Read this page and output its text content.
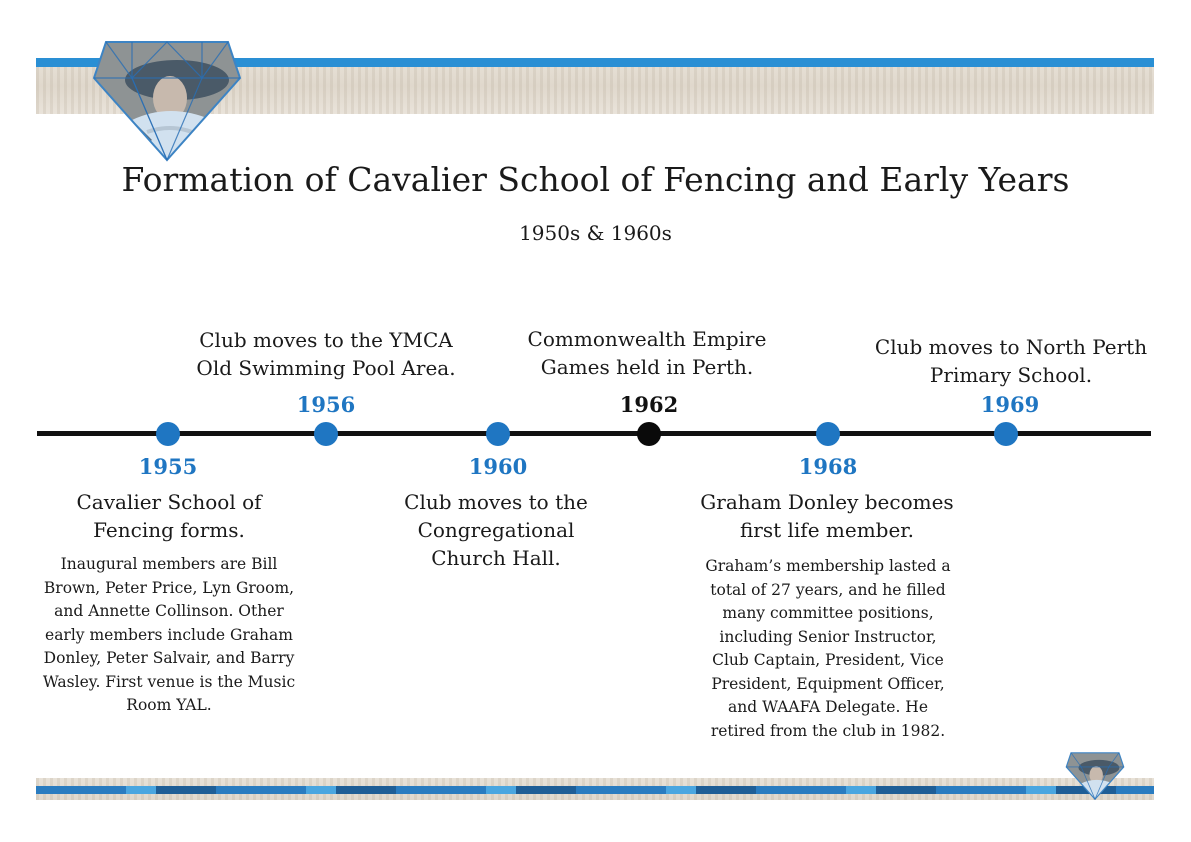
Formation of Cavalier School of Fencing and Early Years
1950s & 1960s
1955
1956
1960
1962
1968
1969
Club moves to the YMCA Old Swimming Pool Area.
Commonwealth Empire Games held in Perth.
Club moves to North Perth Primary School.
Cavalier School of Fencing forms.
Inaugural members are Bill Brown, Peter Price, Lyn Groom, and Annette Collinson. Other early members include Graham Donley, Peter Salvair, and Barry Wasley. First venue is the Music Room YAL.
Club moves to the Congregational Church Hall.
Graham Donley becomes first life member.
Graham’s membership lasted a total of 27 years, and he filled many committee positions, including Senior Instructor, Club Captain, President, Vice President, Equipment Officer, and WAAFA Delegate. He retired from the club in 1982.
